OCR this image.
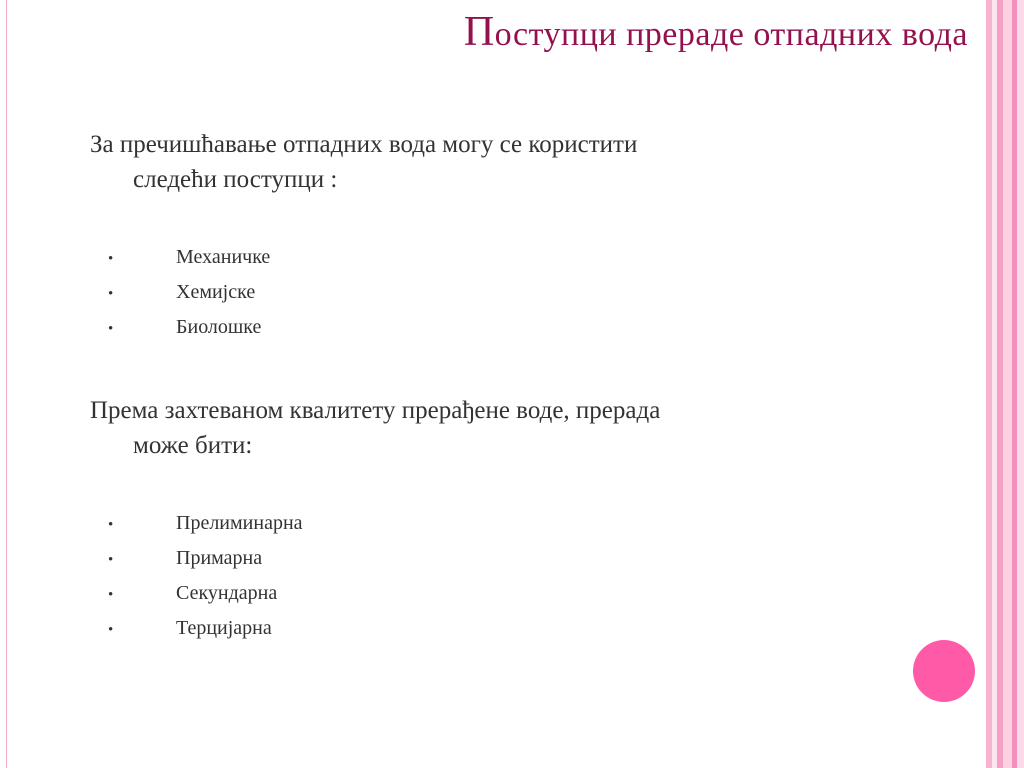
Поступци прераде отпадних вода

За пречишћавање отпадних вода могу се користити
следећи поступци :

•	Механичке
•	Хемијске
•	Биолошке

Према захтеваном квалитету прерађене воде, прерада
може бити:

•	Прелиминарна
•	Примарна
•	Секундарна
•	Терцијарна
